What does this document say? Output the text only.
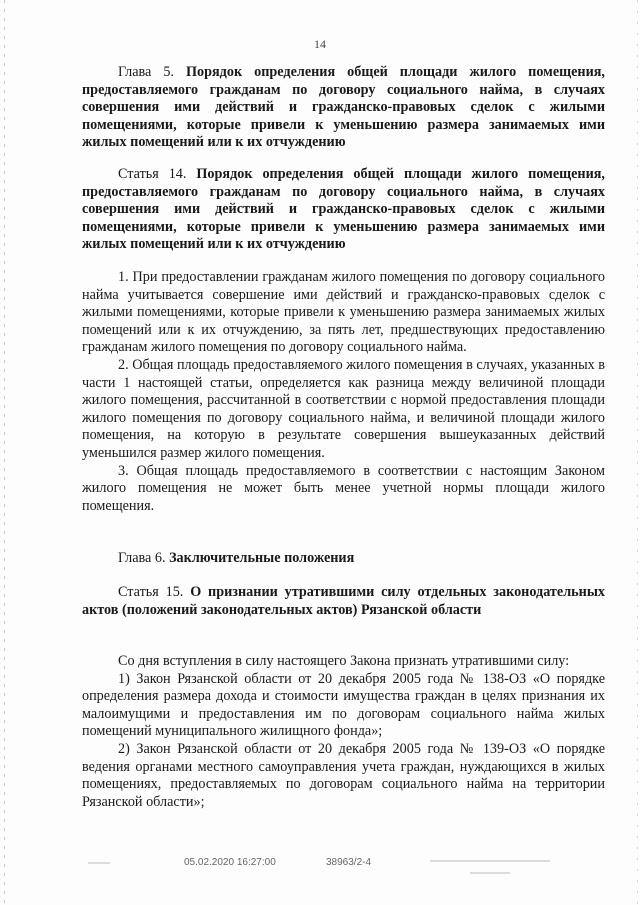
14
Глава 5. Порядок определения общей площади жилого помещения, предоставляемого гражданам по договору социального найма, в случаях совершения ими действий и гражданско-правовых сделок с жилыми помещениями, которые привели к уменьшению размера занимаемых ими жилых помещений или к их отчуждению
Статья 14. Порядок определения общей площади жилого помещения, предоставляемого гражданам по договору социального найма, в случаях совершения ими действий и гражданско-правовых сделок с жилыми помещениями, которые привели к уменьшению размера занимаемых ими жилых помещений или к их отчуждению

1. При предоставлении гражданам жилого помещения по договору социального найма учитывается совершение ими действий и гражданско-правовых сделок с жилыми помещениями, которые привели к уменьшению размера занимаемых жилых помещений или к их отчуждению, за пять лет, предшествующих предоставлению гражданам жилого помещения по договору социального найма.

2. Общая площадь предоставляемого жилого помещения в случаях, указанных в части 1 настоящей статьи, определяется как разница между величиной площади жилого помещения, рассчитанной в соответствии с нормой предоставления площади жилого помещения по договору социального найма, и величиной площади жилого помещения, на которую в результате совершения вышеуказанных действий уменьшился размер жилого помещения.

3. Общая площадь предоставляемого в соответствии с настоящим Законом жилого помещения не может быть менее учетной нормы площади жилого помещения.

Глава 6. Заключительные положения
Статья 15. О признании утратившими силу отдельных законодательных актов (положений законодательных актов) Рязанской области

Со дня вступления в силу настоящего Закона признать утратившими силу:

1) Закон Рязанской области от 20 декабря 2005 года № 138-ОЗ «О порядке определения размера дохода и стоимости имущества граждан в целях признания их малоимущими и предоставления им по договорам социального найма жилых помещений муниципального жилищного фонда»;

2) Закон Рязанской области от 20 декабря 2005 года № 139-ОЗ «О порядке ведения органами местного самоуправления учета граждан, нуждающихся в жилых помещениях, предоставляемых по договорам социального найма на территории Рязанской области»;

05.02.2020 16:27:00	38963/2-4
